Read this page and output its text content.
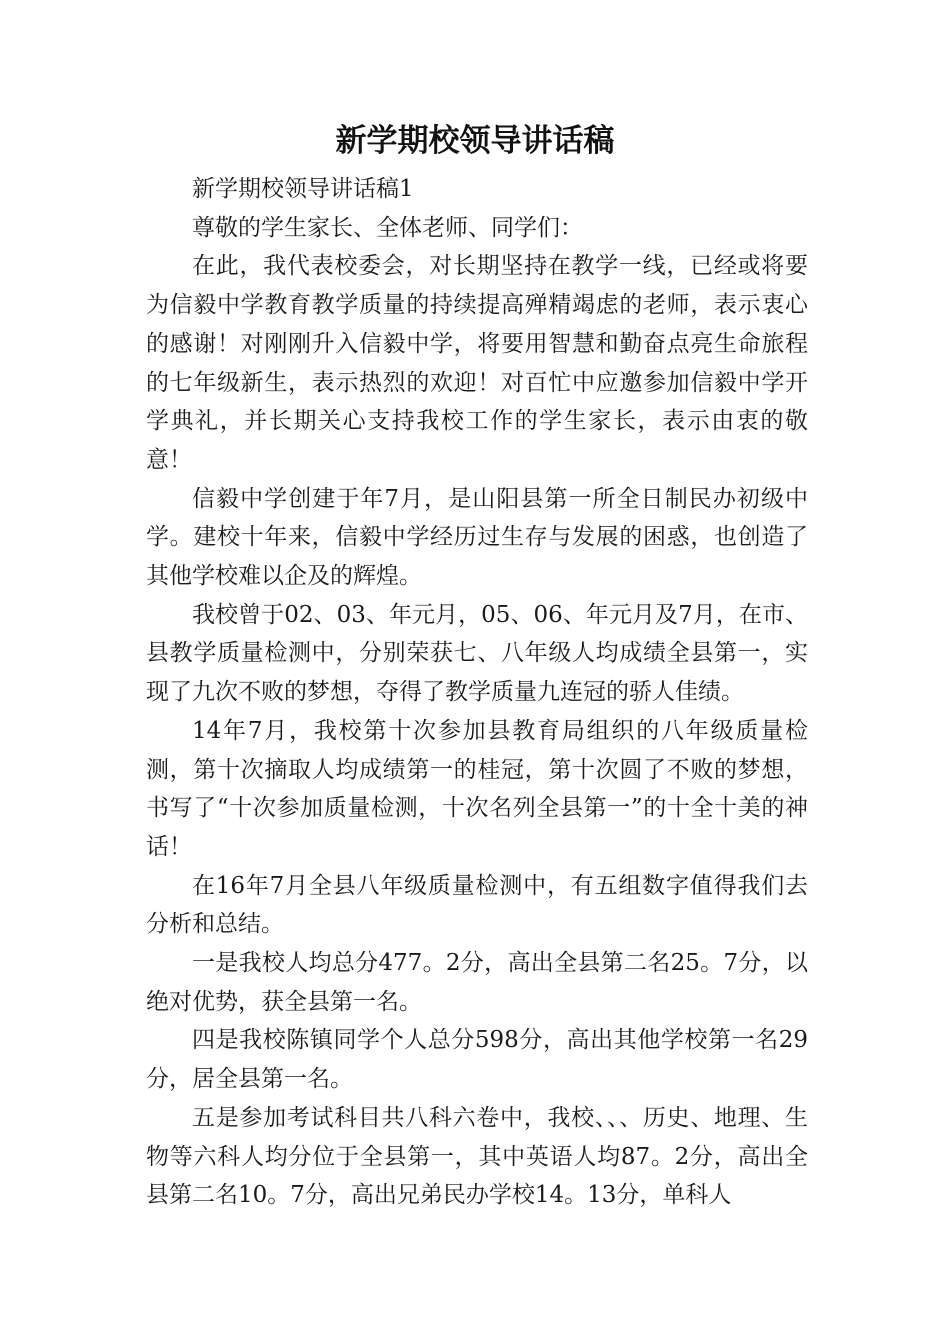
新学期校领导讲话稿

新学期校领导讲话稿1

尊敬的学生家长、全体老师、同学们：

在此，我代表校委会，对长期坚持在教学一线，已经或将要为信毅中学教育教学质量的持续提高殚精竭虑的老师，表示衷心的感谢！对刚刚升入信毅中学，将要用智慧和勤奋点亮生命旅程的七年级新生，表示热烈的欢迎！对百忙中应邀参加信毅中学开学典礼，并长期关心支持我校工作的学生家长，表示由衷的敬意！

信毅中学创建于年7月，是山阳县第一所全日制民办初级中学。建校十年来，信毅中学经历过生存与发展的困惑，也创造了其他学校难以企及的辉煌。

我校曾于02、03、年元月，05、06、年元月及7月，在市、县教学质量检测中，分别荣获七、八年级人均成绩全县第一，实现了九次不败的梦想，夺得了教学质量九连冠的骄人佳绩。

14年7月，我校第十次参加县教育局组织的八年级质量检测，第十次摘取人均成绩第一的桂冠，第十次圆了不败的梦想，书写了“十次参加质量检测，十次名列全县第一”的十全十美的神话！

在16年7月全县八年级质量检测中，有五组数字值得我们去分析和总结。

一是我校人均总分477。2分，高出全县第二名25。7分，以绝对优势，获全县第一名。

四是我校陈镇同学个人总分598分，高出其他学校第一名29分，居全县第一名。

五是参加考试科目共八科六卷中，我校、、、历史、地理、生物等六科人均分位于全县第一，其中英语人均87。2分，高出全县第二名10。7分，高出兄弟民办学校14。13分，单科人
